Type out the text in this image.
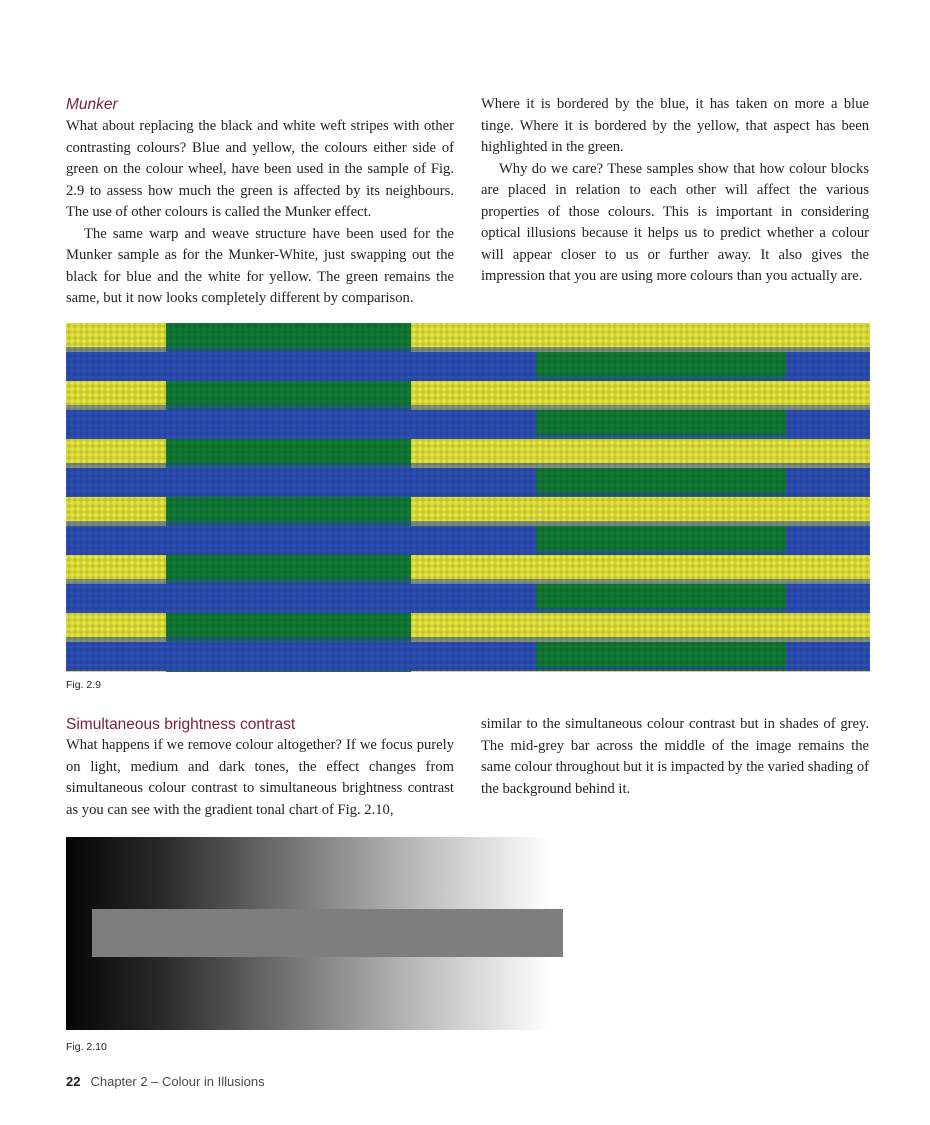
Munker

What about replacing the black and white weft stripes with other contrasting colours? Blue and yellow, the colours either side of green on the colour wheel, have been used in the sample of Fig. 2.9 to assess how much the green is affected by its neighbours. The use of other colours is called the Munker effect.

The same warp and weave structure have been used for the Munker sample as for the Munker-White, just swapping out the black for blue and the white for yellow. The green remains the same, but it now looks completely different by comparison.

Where it is bordered by the blue, it has taken on more a blue tinge. Where it is bordered by the yellow, that aspect has been highlighted in the green.

Why do we care? These samples show that how colour blocks are placed in relation to each other will affect the various properties of those colours. This is important in considering optical illusions because it helps us to predict whether a colour will appear closer to us or further away. It also gives the impression that you are using more colours than you actually are.

Fig. 2.9

Simultaneous brightness contrast

What happens if we remove colour altogether? If we focus purely on light, medium and dark tones, the effect changes from simultaneous colour contrast to simultaneous brightness contrast as you can see with the gradient tonal chart of Fig. 2.10,

similar to the simultaneous colour contrast but in shades of grey. The mid-grey bar across the middle of the image remains the same colour throughout but it is impacted by the varied shading of the background behind it.

Fig. 2.10
22 Chapter 2 – Colour in Illusions
